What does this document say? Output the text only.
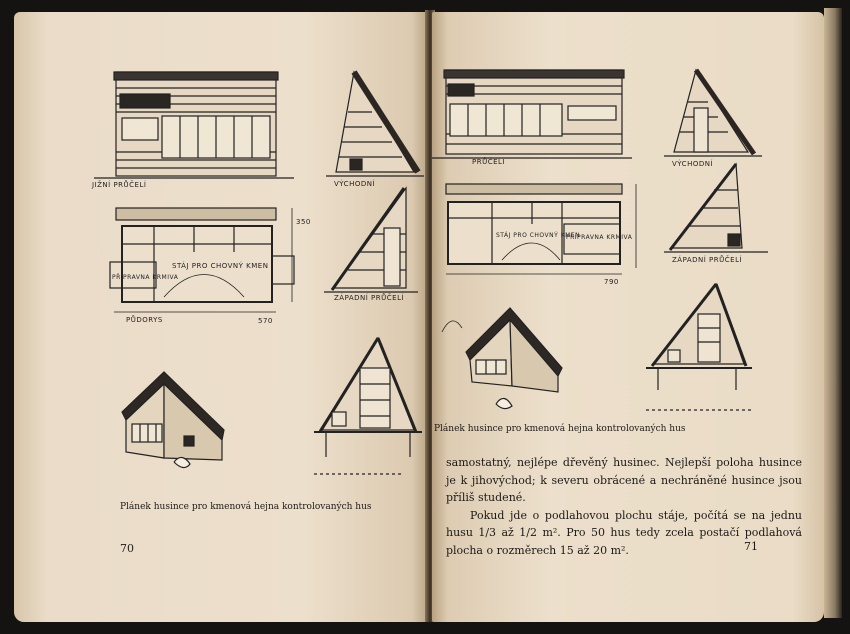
JIŽNÍ PRŮČELÍ	VÝCHODNÍ
ZÁPADNÍ PRŮČELÍ
PŮDORYS
STÁJ PRO CHOVNÝ KMEN
PŘÍPRAVNA KRMIVA
570
350
Plánek husince pro kmenová hejna kontrolovaných hus
70
PRŮČELÍ	VÝCHODNÍ
ZÁPADNÍ PRŮČELÍ
STÁJ PRO CHOVNÝ KMEN
PŘÍPRAVNA KRMIVA
790
Plánek husince pro kmenová hejna kontrolovaných hus

samostatný, nejlépe dřevěný husinec. Nejlepší poloha husince je k jihovýchod; k severu obrácené a nechráněné husince jsou příliš studené.

Pokud jde o podlahovou plochu stáje, počítá se na jednu husu 1/3 až 1/2 m². Pro 50 hus tedy zcela postačí podlahová plocha o rozměrech 15 až 20 m².	71
